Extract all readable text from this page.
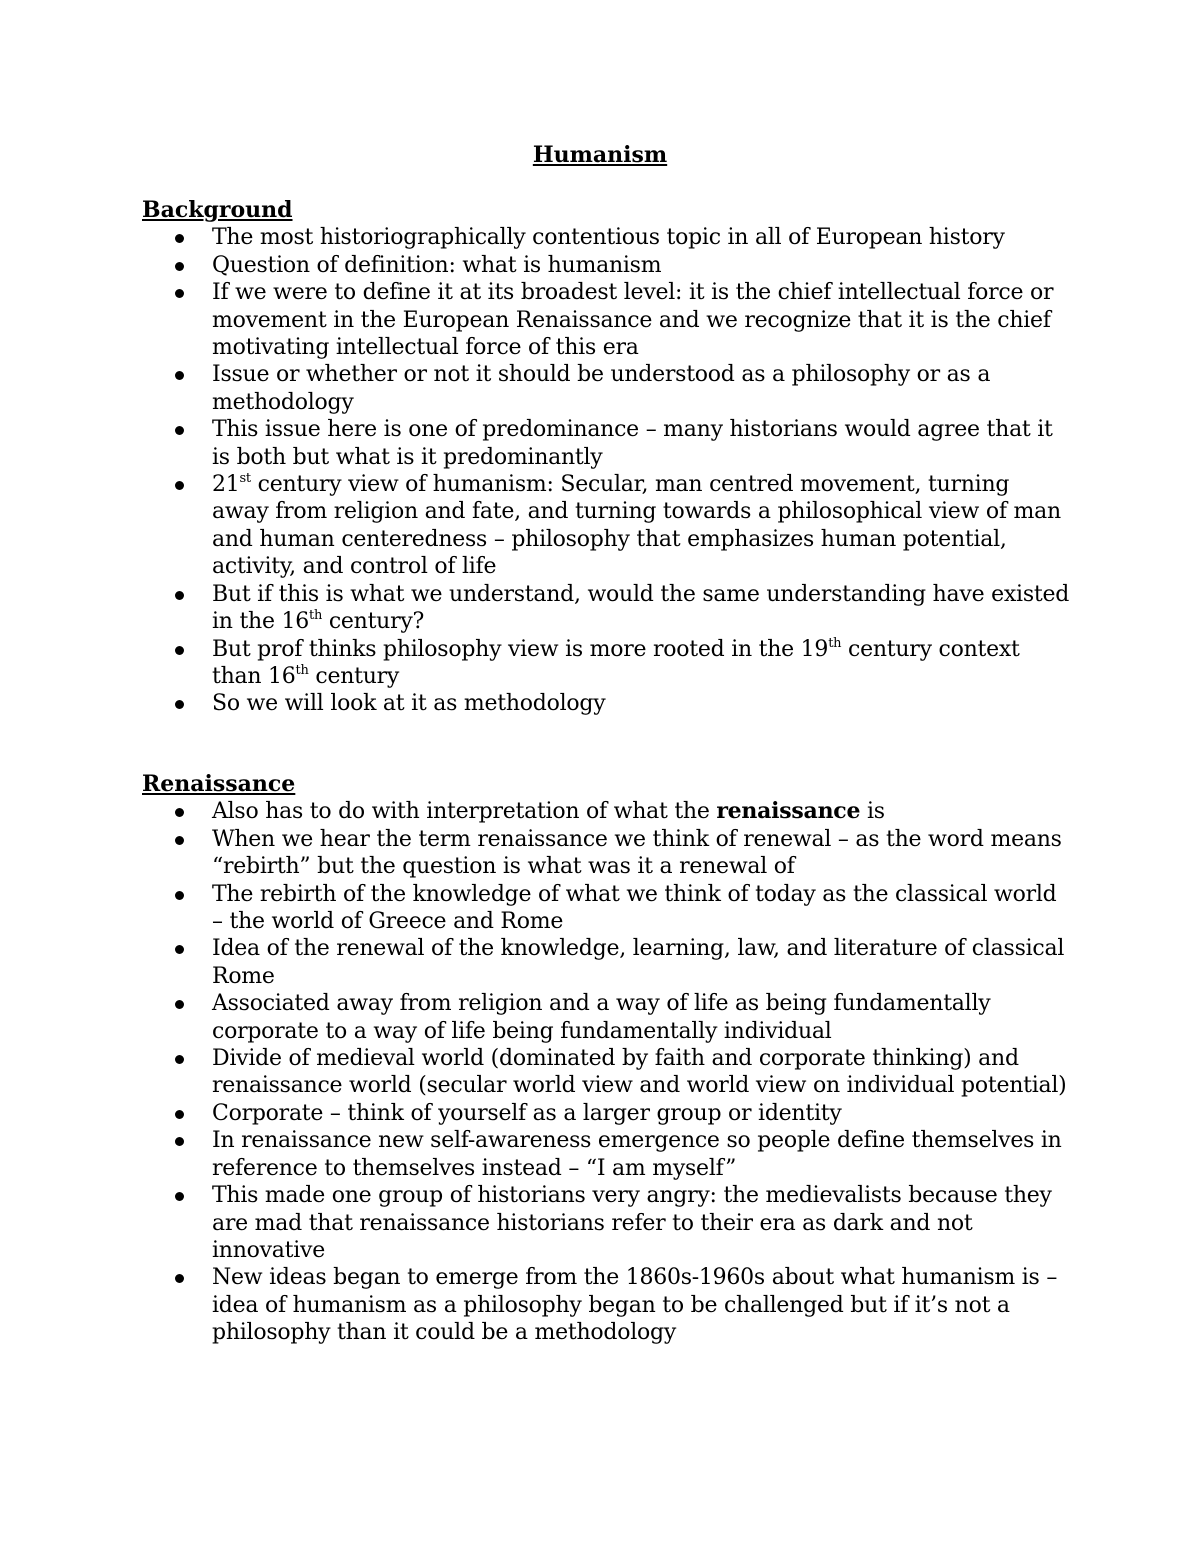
Humanism
Background
The most historiographically contentious topic in all of European history
Question of definition: what is humanism
If we were to define it at its broadest level: it is the chief intellectual force or movement in the European Renaissance and we recognize that it is the chief motivating intellectual force of this era
Issue or whether or not it should be understood as a philosophy or as a methodology
This issue here is one of predominance – many historians would agree that it is both but what is it predominantly
21st century view of humanism: Secular, man centred movement, turning away from religion and fate, and turning towards a philosophical view of man and human centeredness – philosophy that emphasizes human potential, activity, and control of life
But if this is what we understand, would the same understanding have existed in the 16th century?
But prof thinks philosophy view is more rooted in the 19th century context than 16th century
So we will look at it as methodology
Renaissance
Also has to do with interpretation of what the renaissance is
When we hear the term renaissance we think of renewal – as the word means “rebirth” but the question is what was it a renewal of
The rebirth of the knowledge of what we think of today as the classical world – the world of Greece and Rome
Idea of the renewal of the knowledge, learning, law, and literature of classical Rome
Associated away from religion and a way of life as being fundamentally corporate to a way of life being fundamentally individual
Divide of medieval world (dominated by faith and corporate thinking) and renaissance world (secular world view and world view on individual potential)
Corporate – think of yourself as a larger group or identity
In renaissance new self-awareness emergence so people define themselves in reference to themselves instead – “I am myself”
This made one group of historians very angry: the medievalists because they are mad that renaissance historians refer to their era as dark and not innovative
New ideas began to emerge from the 1860s-1960s about what humanism is – idea of humanism as a philosophy began to be challenged but if it’s not a philosophy than it could be a methodology
